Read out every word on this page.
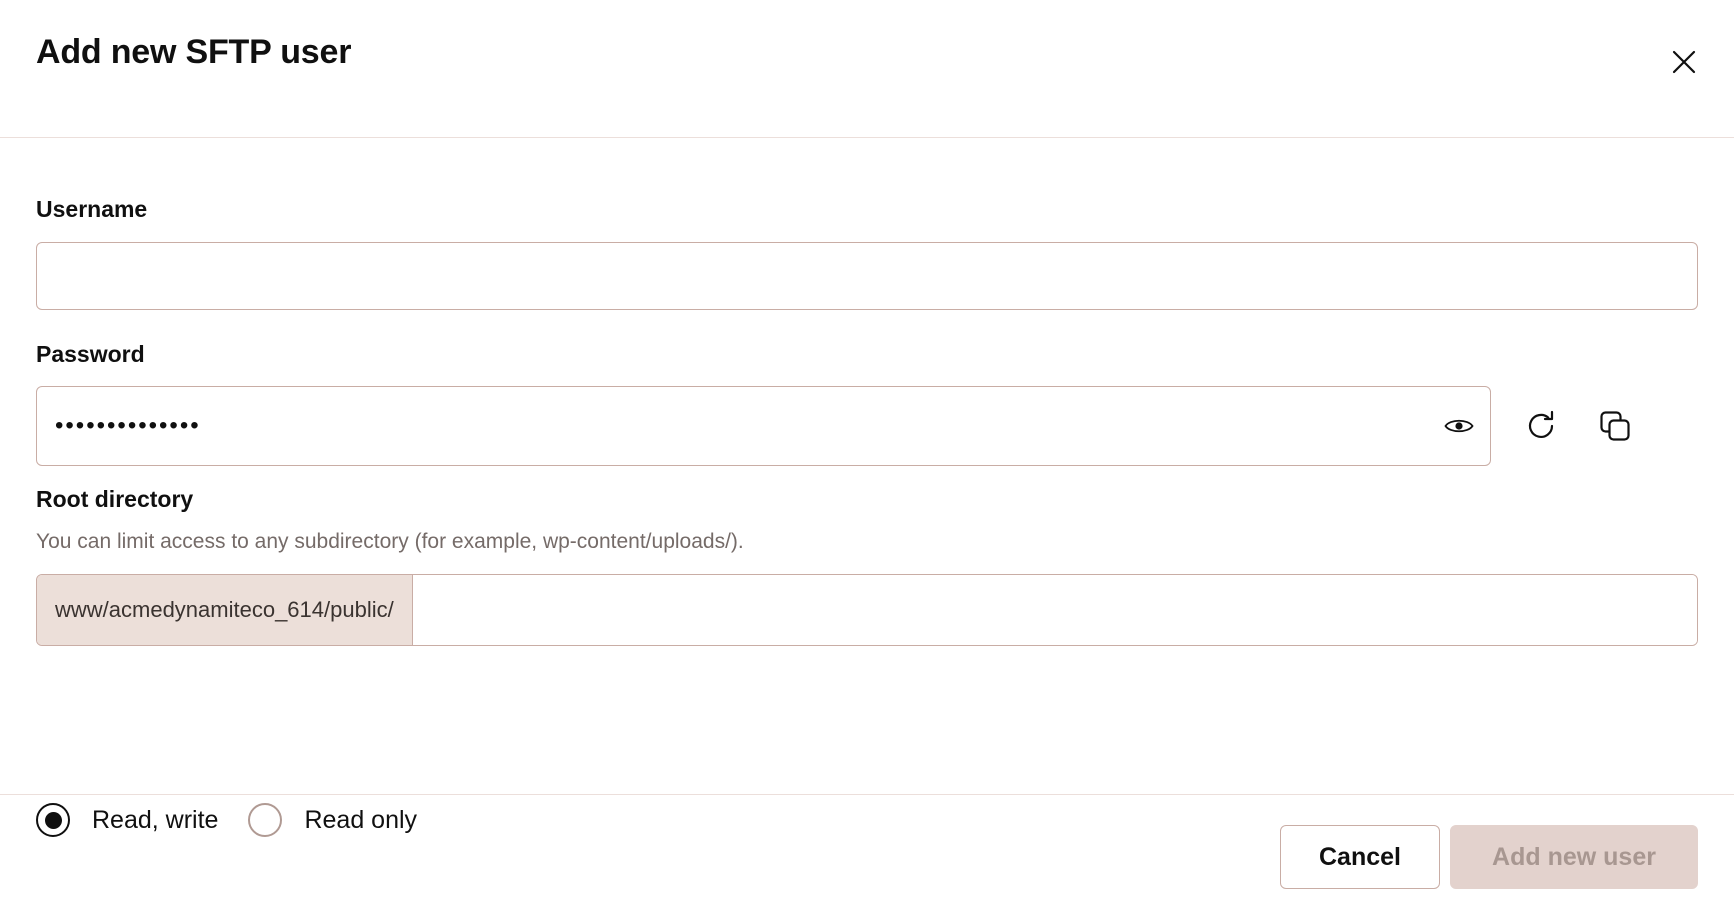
Add new SFTP user
Username
Password
••••••••••••••
Root directory
You can limit access to any subdirectory (for example, wp-content/uploads/).
www/acmedynamiteco_614/public/
Read, write	Read only
Cancel	Add new user
